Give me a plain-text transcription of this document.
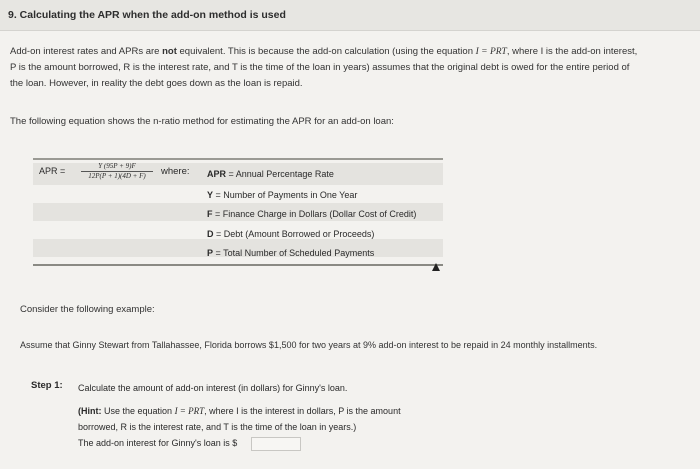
9. Calculating the APR when the add-on method is used
Add-on interest rates and APRs are not equivalent. This is because the add-on calculation (using the equation I = PRT, where I is the add-on interest,
P is the amount borrowed, R is the interest rate, and T is the time of the loan in years) assumes that the original debt is owed for the entire period of
the loan. However, in reality the debt goes down as the loan is repaid.
The following equation shows the n-ratio method for estimating the APR for an add-on loan:
APR = $\frac{Y (95P + 9)F}{12P(P + 1)(4D + F)}$ where: APR = Annual Percentage Rate
Y = Number of Payments in One Year
F = Finance Charge in Dollars (Dollar Cost of Credit)
D = Debt (Amount Borrowed or Proceeds)
P = Total Number of Scheduled Payments
Consider the following example:
Assume that Ginny Stewart from Tallahassee, Florida borrows $1,500 for two years at 9% add-on interest to be repaid in 24 monthly installments.
Step 1: Calculate the amount of add-on interest (in dollars) for Ginny's loan.
(Hint: Use the equation I = PRT, where I is the interest in dollars, P is the amount
borrowed, R is the interest rate, and T is the time of the loan in years.)
The add-on interest for Ginny's loan is $
